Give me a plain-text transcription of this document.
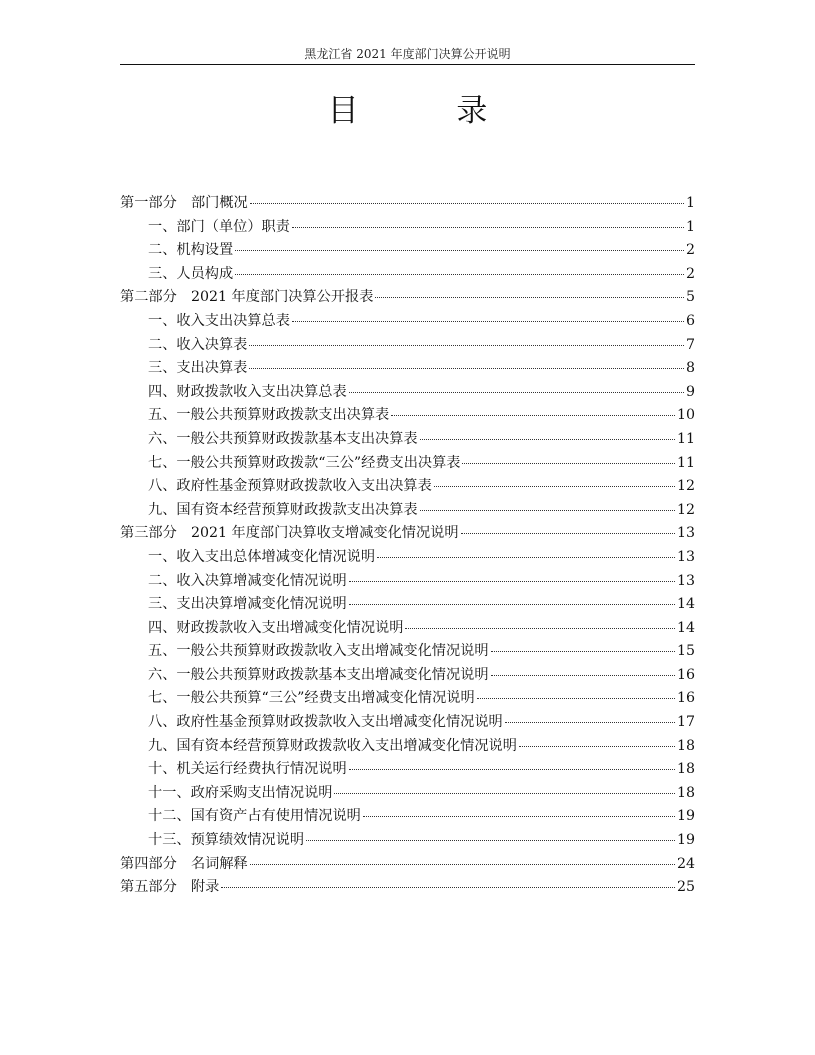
黑龙江省 2021 年度部门决算公开说明
目 录
第一部分　部门概况	1
一、部门（单位）职责	1
二、机构设置	2
三、人员构成	2
第二部分　2021 年度部门决算公开报表	5
一、收入支出决算总表	6
二、收入决算表	7
三、支出决算表	8
四、财政拨款收入支出决算总表	9
五、一般公共预算财政拨款支出决算表	10
六、一般公共预算财政拨款基本支出决算表	11
七、一般公共预算财政拨款“三公”经费支出决算表	11
八、政府性基金预算财政拨款收入支出决算表	12
九、国有资本经营预算财政拨款支出决算表	12
第三部分　2021 年度部门决算收支增减变化情况说明	13
一、收入支出总体增减变化情况说明	13
二、收入决算增减变化情况说明	13
三、支出决算增减变化情况说明	14
四、财政拨款收入支出增减变化情况说明	14
五、一般公共预算财政拨款收入支出增减变化情况说明	15
六、一般公共预算财政拨款基本支出增减变化情况说明	16
七、一般公共预算“三公”经费支出增减变化情况说明	16
八、政府性基金预算财政拨款收入支出增减变化情况说明	17
九、国有资本经营预算财政拨款收入支出增减变化情况说明	18
十、机关运行经费执行情况说明	18
十一、政府采购支出情况说明	18
十二、国有资产占有使用情况说明	19
十三、预算绩效情况说明	19
第四部分　名词解释	24
第五部分　附录	25
